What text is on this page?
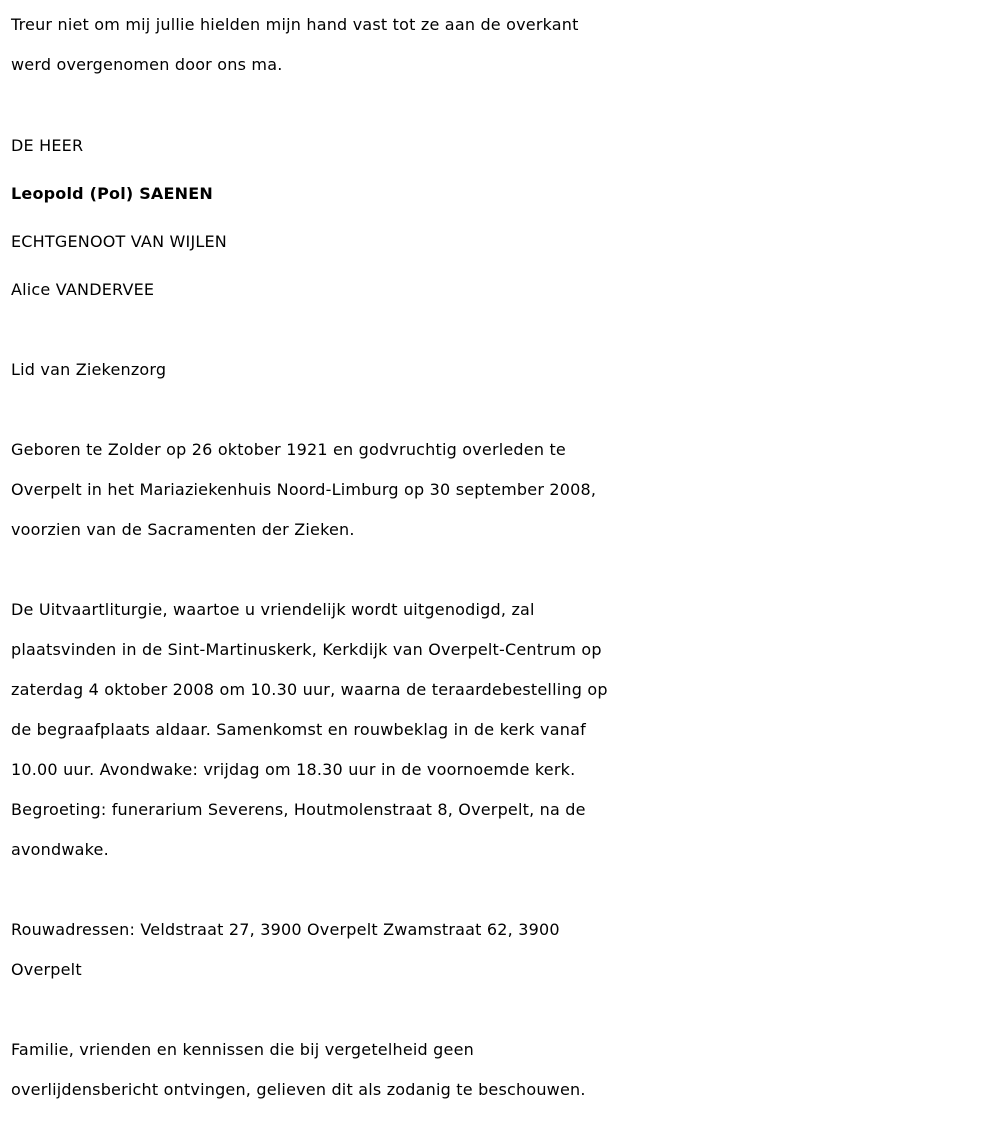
Treur niet om mij jullie hielden mijn hand vast tot ze aan de overkant
werd overgenomen door ons ma.
DE HEER
Leopold (Pol) SAENEN
ECHTGENOOT VAN WIJLEN
Alice VANDERVEE
Lid van Ziekenzorg
Geboren te Zolder op 26 oktober 1921 en godvruchtig overleden te
Overpelt in het Mariaziekenhuis Noord-Limburg op 30 september 2008,
voorzien van de Sacramenten der Zieken.
De Uitvaartliturgie, waartoe u vriendelijk wordt uitgenodigd, zal
plaatsvinden in de Sint-Martinuskerk, Kerkdijk van Overpelt-Centrum op
zaterdag 4 oktober 2008 om 10.30 uur, waarna de teraardebestelling op
de begraafplaats aldaar. Samenkomst en rouwbeklag in de kerk vanaf
10.00 uur. Avondwake: vrijdag om 18.30 uur in de voornoemde kerk.
Begroeting: funerarium Severens, Houtmolenstraat 8, Overpelt, na de
avondwake.
Rouwadressen: Veldstraat 27, 3900 Overpelt Zwamstraat 62, 3900
Overpelt
Familie, vrienden en kennissen die bij vergetelheid geen
overlijdensbericht ontvingen, gelieven dit als zodanig te beschouwen.
